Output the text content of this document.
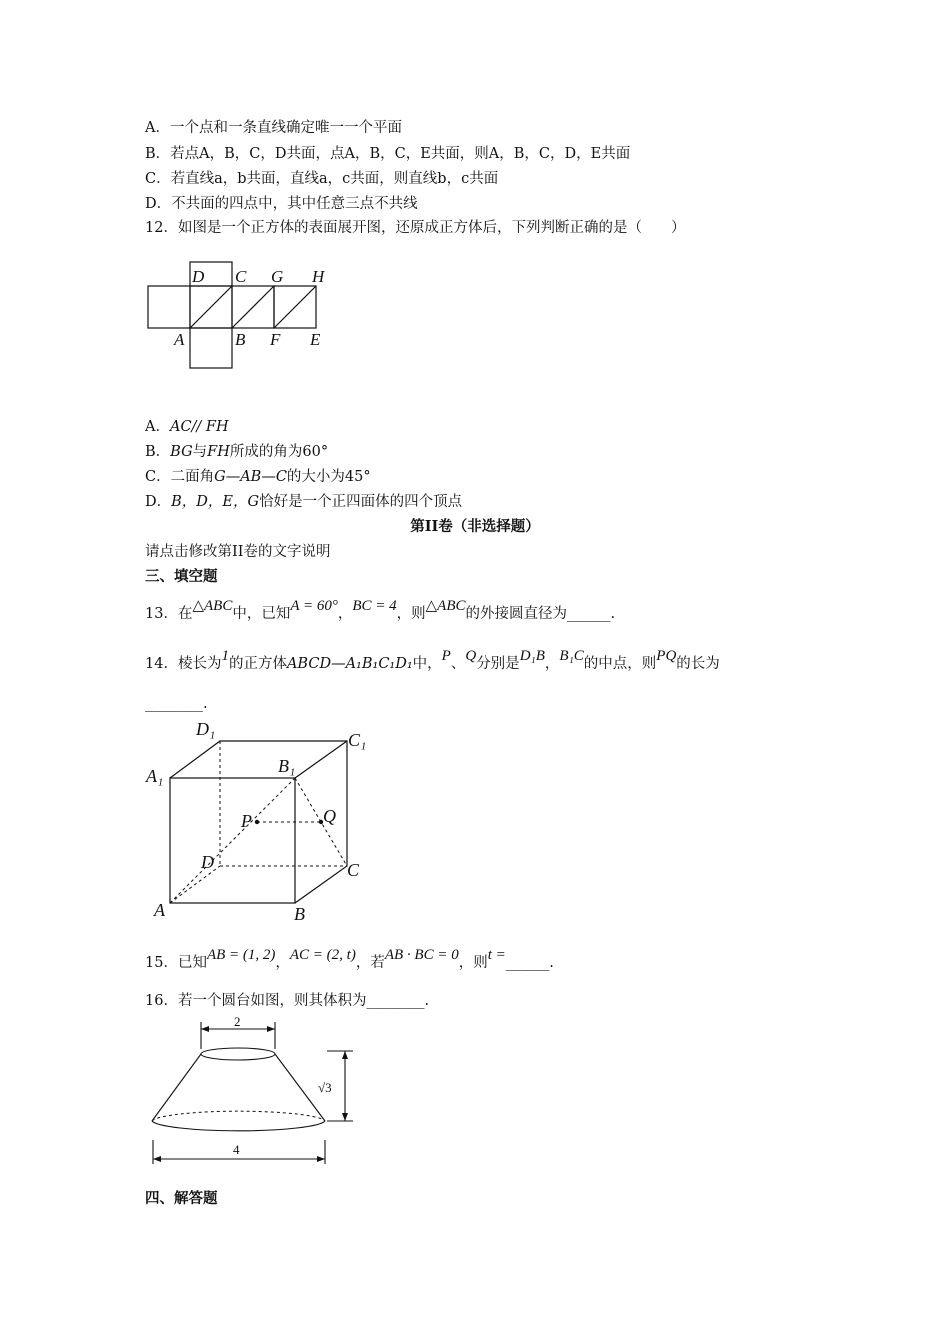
A．一个点和一条直线确定唯一一个平面
B．若点A，B，C，D共面，点A，B，C，E共面，则A，B，C，D，E共面
C．若直线a，b共面，直线a，c共面，则直线b，c共面
D．不共面的四点中，其中任意三点不共线
12．如图是一个正方体的表面展开图，还原成正方体后，下列判断正确的是（　　）
D C G H
A	B F E
A．AC// FH
B．BG与FH所成的角为60°
C．二面角G—AB—C的大小为45°
D．B，D，E，G恰好是一个正四面体的四个顶点
第II卷（非选择题）
请点击修改第II卷的文字说明
三、填空题
13．在△ABC中，已知A = 60°，BC = 4，则△ABC的外接圆直径为______.
14．棱长为1的正方体ABCD—A₁B₁C₁D₁中，P、Q分别是D₁B，B₁C的中点，则PQ的长为
________.
D₁
C₁
A₁	B₁
P	Q
D	C
A	B
15．已知AB = (1, 2)，AC = (2, t)，若AB · BC = 0，则t =______.
16．若一个圆台如图，则其体积为________.
2
√3
4
四、解答题
